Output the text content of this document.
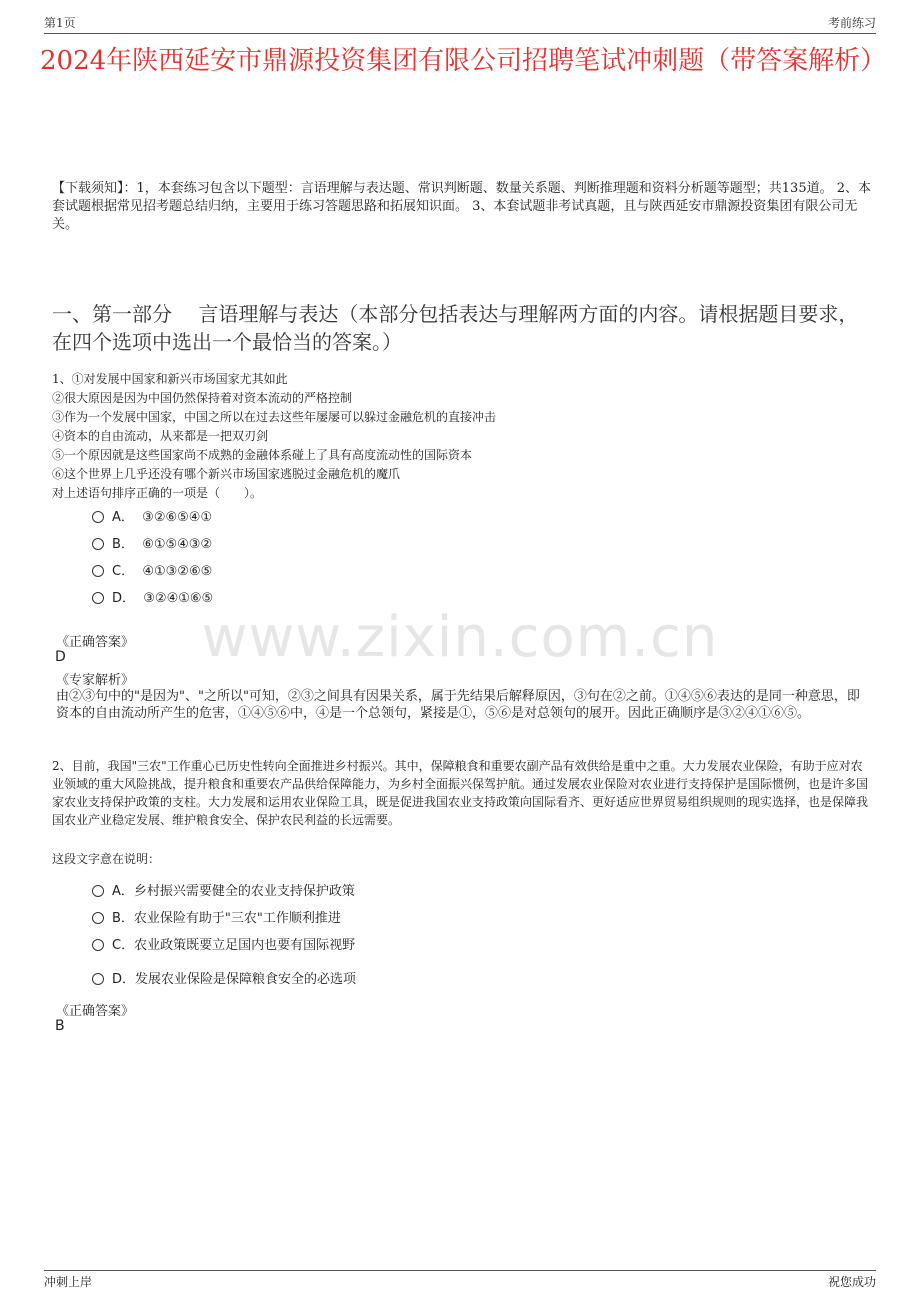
第1页	考前练习
2024年陕西延安市鼎源投资集团有限公司招聘笔试冲刺题（带答案解析）
【下载须知】：1，本套练习包含以下题型：言语理解与表达题、常识判断题、数量关系题、判断推理题和资料分析题等题型；共135道。 2、本套试题根据常见招考题总结归纳，主要用于练习答题思路和拓展知识面。 3、本套试题非考试真题，且与陕西延安市鼎源投资集团有限公司无关。
一、第一部分　 言语理解与表达（本部分包括表达与理解两方面的内容。请根据题目要求，在四个选项中选出一个最恰当的答案。）
1、①对发展中国家和新兴市场国家尤其如此
②很大原因是因为中国仍然保持着对资本流动的严格控制
③作为一个发展中国家，中国之所以在过去这些年屡屡可以躲过金融危机的直接冲击
④资本的自由流动，从来都是一把双刃剑
⑤一个原因就是这些国家尚不成熟的金融体系碰上了具有高度流动性的国际资本
⑥这个世界上几乎还没有哪个新兴市场国家逃脱过金融危机的魔爪
对上述语句排序正确的一项是（　　）。
A． ③②⑥⑤④①
B． ⑥①⑤④③②
C． ④①③②⑥⑤
D． ③②④①⑥⑤
www.zixin.com.cn
《正确答案》
D
《专家解析》
由②③句中的"是因为"、"之所以"可知，②③之间具有因果关系，属于先结果后解释原因，③句在②之前。①④⑤⑥表达的是同一种意思，即资本的自由流动所产生的危害，①④⑤⑥中，④是一个总领句，紧接是①，⑤⑥是对总领句的展开。因此正确顺序是③②④①⑥⑤。
2、目前，我国"三农"工作重心已历史性转向全面推进乡村振兴。其中，保障粮食和重要农副产品有效供给是重中之重。大力发展农业保险，有助于应对农业领域的重大风险挑战，提升粮食和重要农产品供给保障能力，为乡村全面振兴保驾护航。通过发展农业保险对农业进行支持保护是国际惯例，也是许多国家农业支持保护政策的支柱。大力发展和运用农业保险工具，既是促进我国农业支持政策向国际看齐、更好适应世界贸易组织规则的现实选择，也是保障我国农业产业稳定发展、维护粮食安全、保护农民利益的长远需要。
这段文字意在说明：
A．乡村振兴需要健全的农业支持保护政策
B．农业保险有助于"三农"工作顺利推进
C．农业政策既要立足国内也要有国际视野
D．发展农业保险是保障粮食安全的必选项
《正确答案》
B
冲刺上岸	祝您成功
